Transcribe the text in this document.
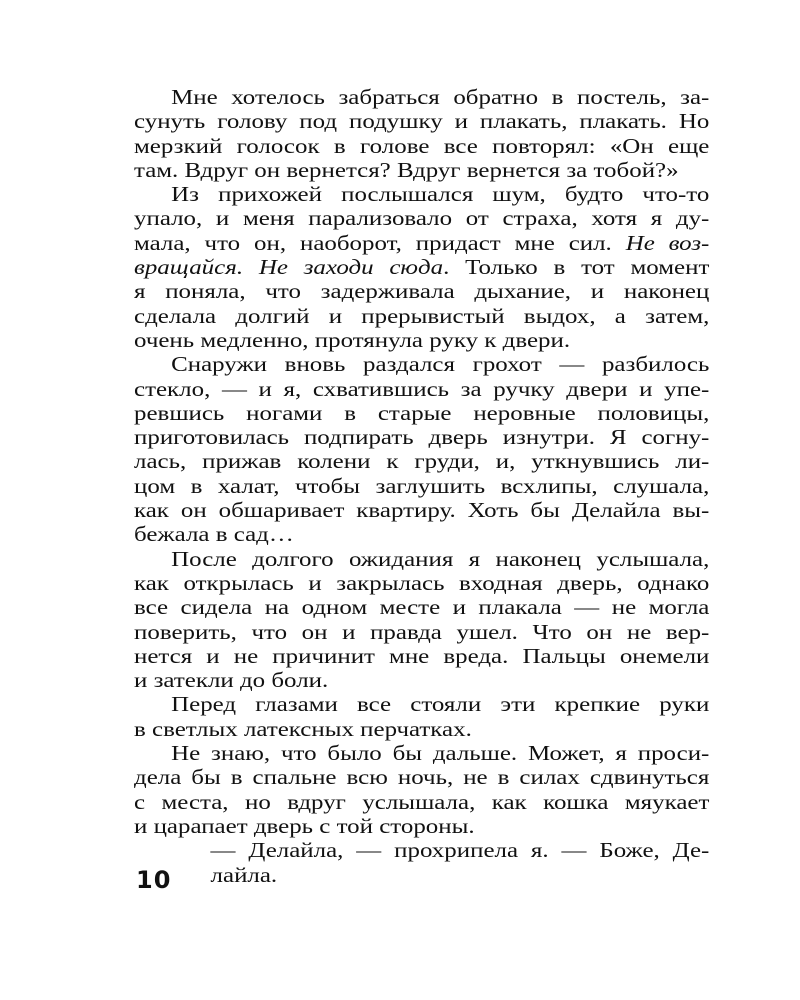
Мне хотелось забраться обратно в постель, за-
сунуть голову под подушку и плакать, плакать. Но
мерзкий голосок в голове все повторял: «Он еще
там. Вдруг он вернется? Вдруг вернется за тобой?»
Из прихожей послышался шум, будто что-то
упало, и меня парализовало от страха, хотя я ду-
мала, что он, наоборот, придаст мне сил. Не воз-
вращайся. Не заходи сюда. Только в тот момент
я поняла, что задерживала дыхание, и наконец
сделала долгий и прерывистый выдох, а затем,
очень медленно, протянула руку к двери.
Снаружи вновь раздался грохот — разбилось
стекло, — и я, схватившись за ручку двери и упе-
ревшись ногами в старые неровные половицы,
приготовилась подпирать дверь изнутри. Я согну-
лась, прижав колени к груди, и, уткнувшись ли-
цом в халат, чтобы заглушить всхлипы, слушала,
как он обшаривает квартиру. Хоть бы Делайла вы-
бежала в сад…
После долгого ожидания я наконец услышала,
как открылась и закрылась входная дверь, однако
все сидела на одном месте и плакала — не могла
поверить, что он и правда ушел. Что он не вер-
нется и не причинит мне вреда. Пальцы онемели
и затекли до боли.
Перед глазами все стояли эти крепкие руки
в светлых латексных перчатках.
Не знаю, что было бы дальше. Может, я проси-
дела бы в спальне всю ночь, не в силах сдвинуться
с места, но вдруг услышала, как кошка мяукает
и царапает дверь с той стороны.
— Делайла, — прохрипела я. — Боже, Де-
лайла.
10
